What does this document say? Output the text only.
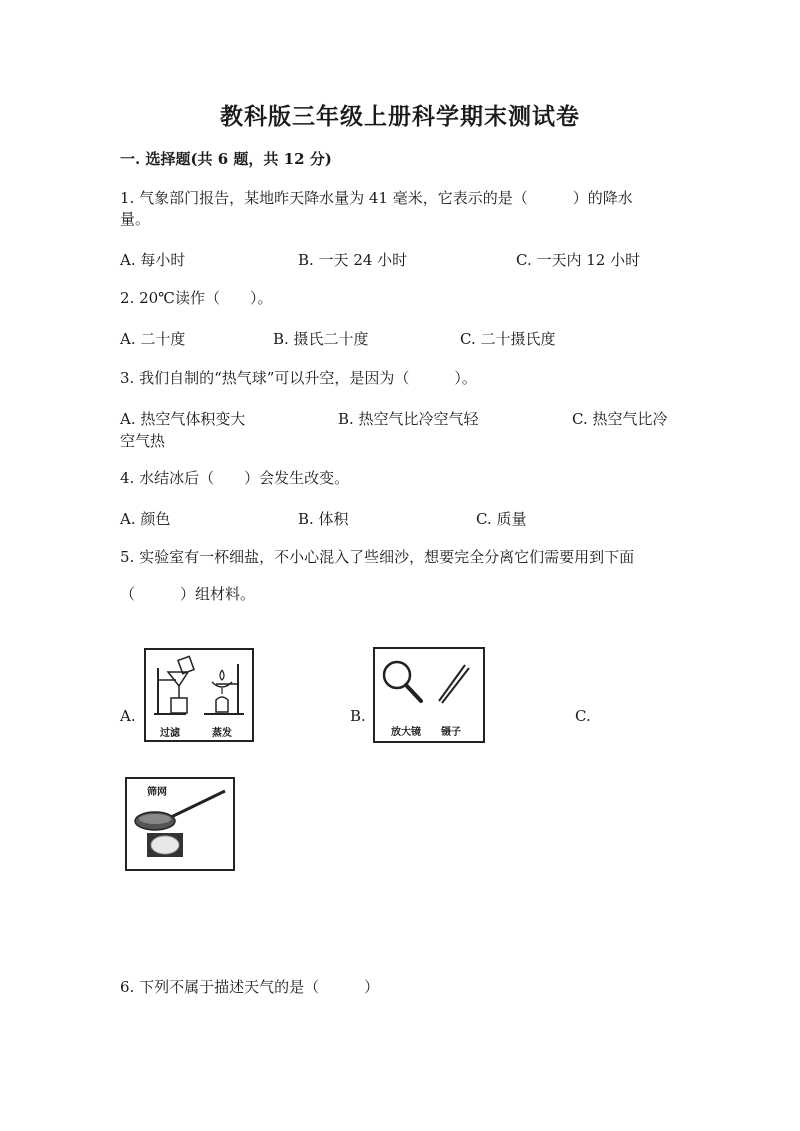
教科版三年级上册科学期末测试卷
一. 选择题(共 6 题，共 12 分)
1. 气象部门报告，某地昨天降水量为 41 毫米，它表示的是（　　　）的降水
量。
A. 每小时	B. 一天 24 小时	C. 一天内 12 小时
2. 20℃读作（　　）。
A. 二十度	B. 摄氏二十度	C. 二十摄氏度
3. 我们自制的“热气球”可以升空，是因为（　　　）。
A. 热空气体积变大	B. 热空气比冷空气轻	C. 热空气比冷
空气热
4. 水结冰后（　　）会发生改变。
A. 颜色	B. 体积	C. 质量
5. 实验室有一杯细盐，不小心混入了些细沙，想要完全分离它们需要用到下面
（　　　）组材料。
A.
过滤	蒸发
B.
放大镜 镊子
C.
筛网
6. 下列不属于描述天气的是（　　　）
